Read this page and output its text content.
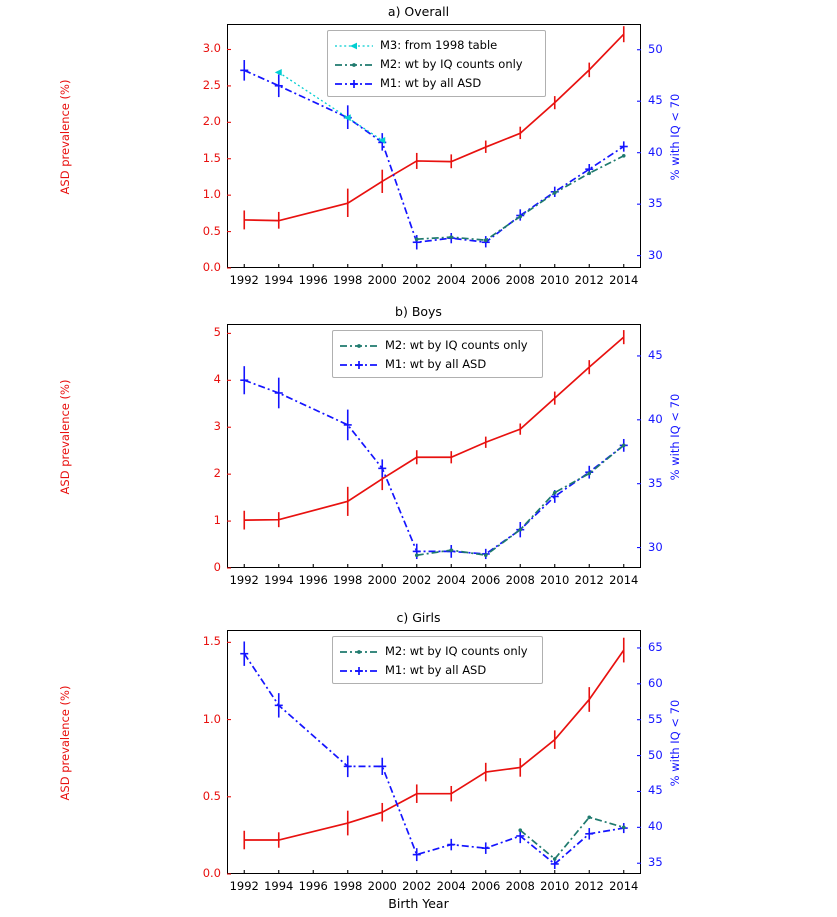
a) Overall
ASD prevalence (%)	% with IQ < 70
0.0
0.5
1.0
1.5
2.0
2.5
3.0
30
35
40
45
50
1992 1994 1996 1998 2000 2002 2004 2006 2008 2010 2012 2014
M3: from 1998 table
M2: wt by IQ counts only
M1: wt by all ASD
b) Boys
ASD prevalence (%)	% with IQ < 70
0
1
2
3
4
5
30
35
40
45
1992 1994 1996 1998 2000 2002 2004 2006 2008 2010 2012 2014
M2: wt by IQ counts only
M1: wt by all ASD
c) Girls
ASD prevalence (%)	% with IQ < 70
Birth Year
0.0
0.5
1.0
1.5
35
40
45
50
55
60
65
1992 1994 1996 1998 2000 2002 2004 2006 2008 2010 2012 2014
M2: wt by IQ counts only
M1: wt by all ASD
